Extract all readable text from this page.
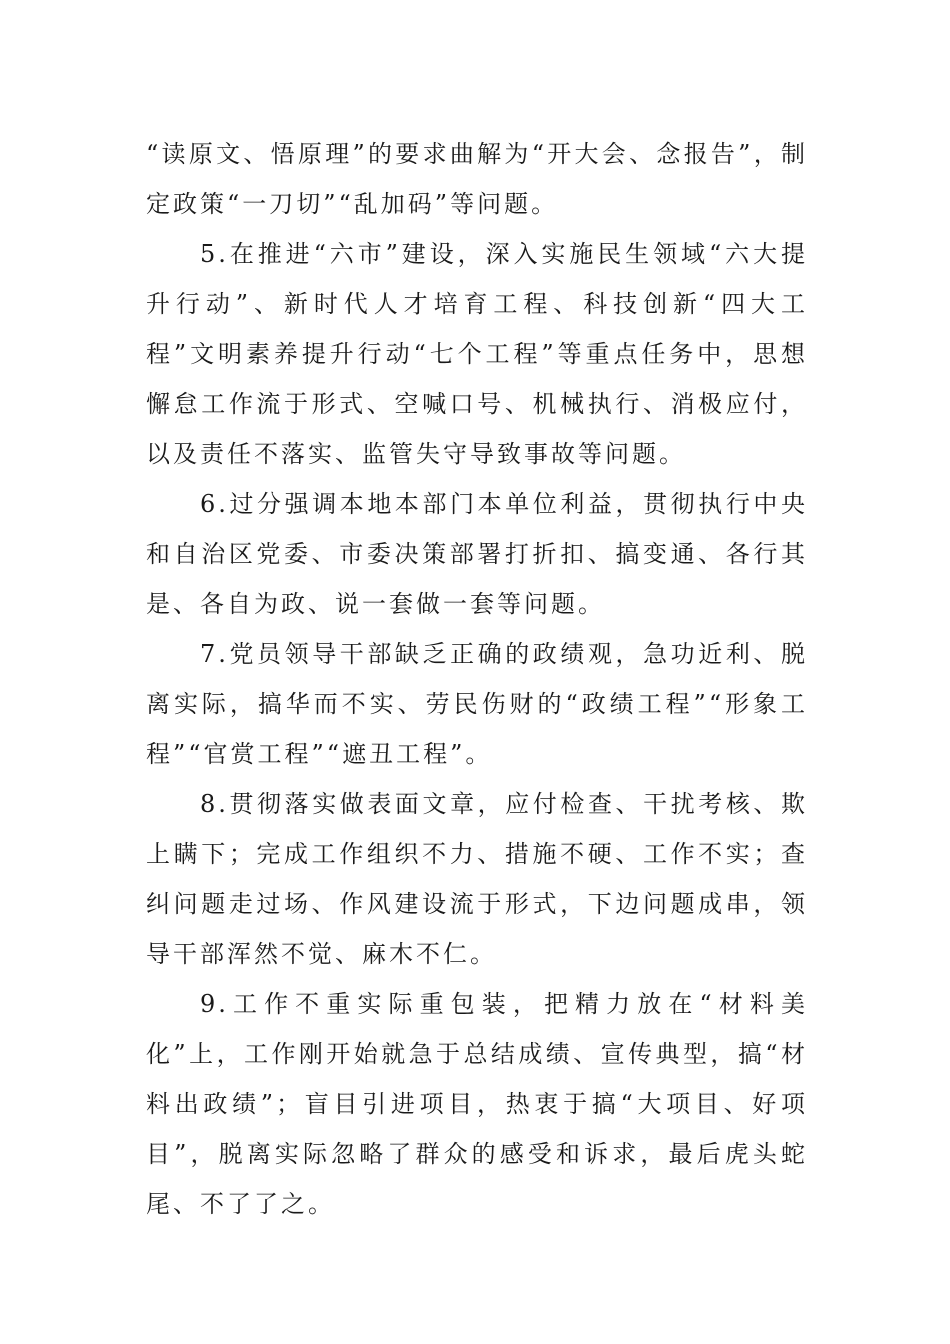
“读原文、悟原理”的要求曲解为“开大会、念报告”，制定政策“一刀切”“乱加码”等问题。

5.在推进“六市”建设，深入实施民生领域“六大提升行动”、新时代人才培育工程、科技创新“四大工程”文明素养提升行动“七个工程”等重点任务中，思想懈怠工作流于形式、空喊口号、机械执行、消极应付，以及责任不落实、监管失守导致事故等问题。

6.过分强调本地本部门本单位利益，贯彻执行中央和自治区党委、市委决策部署打折扣、搞变通、各行其是、各自为政、说一套做一套等问题。

7.党员领导干部缺乏正确的政绩观，急功近利、脱离实际，搞华而不实、劳民伤财的“政绩工程”“形象工程”“官赏工程”“遮丑工程”。

8.贯彻落实做表面文章，应付检查、干扰考核、欺上瞒下；完成工作组织不力、措施不硬、工作不实；查纠问题走过场、作风建设流于形式，下边问题成串，领导干部浑然不觉、麻木不仁。

9.工作不重实际重包装，把精力放在“材料美化”上，工作刚开始就急于总结成绩、宣传典型，搞“材料出政绩”；盲目引进项目，热衷于搞“大项目、好项目”，脱离实际忽略了群众的感受和诉求，最后虎头蛇尾、不了了之。
